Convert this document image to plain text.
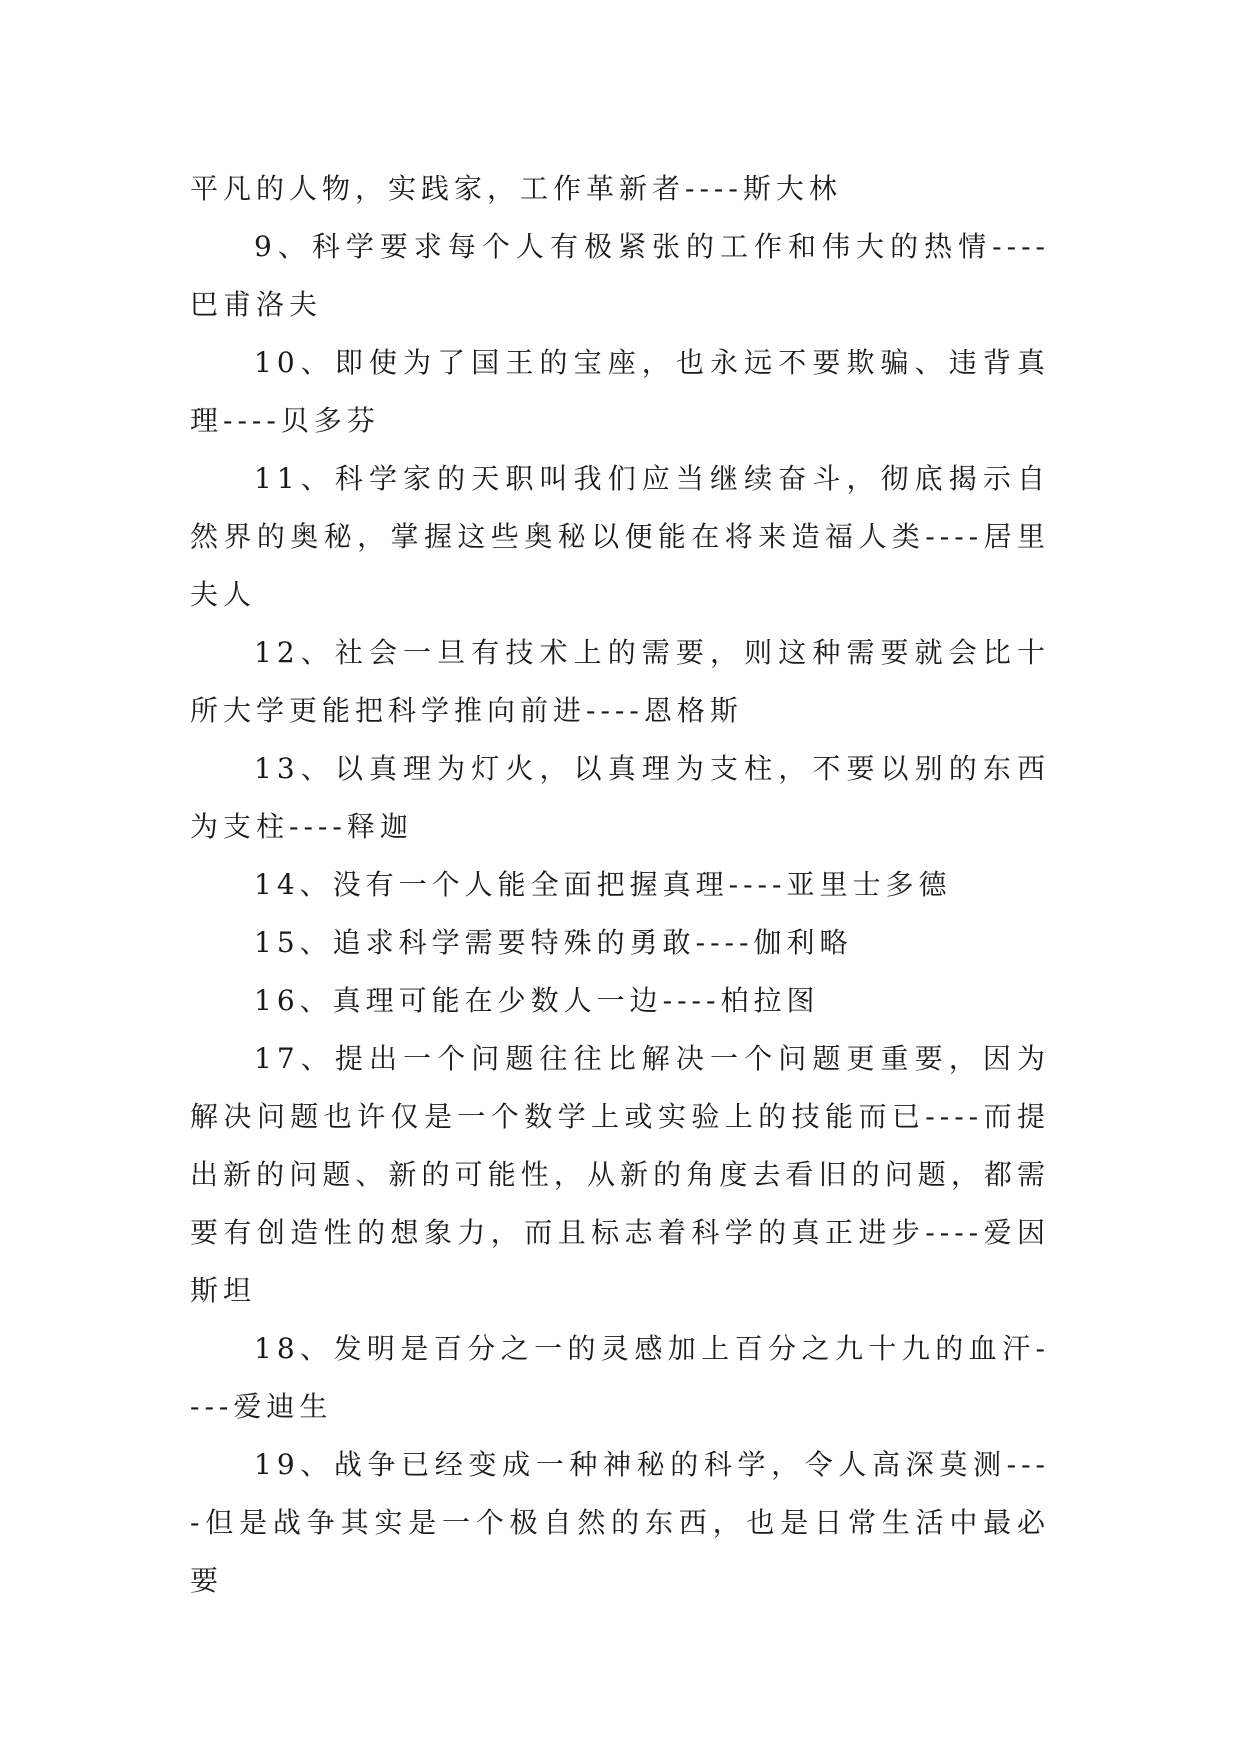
平凡的人物，实践家，工作革新者----斯大林

9、科学要求每个人有极紧张的工作和伟大的热情----巴甫洛夫

10、即使为了国王的宝座，也永远不要欺骗、违背真理----贝多芬

11、科学家的天职叫我们应当继续奋斗，彻底揭示自然界的奥秘，掌握这些奥秘以便能在将来造福人类----居里夫人

12、社会一旦有技术上的需要，则这种需要就会比十所大学更能把科学推向前进----恩格斯

13、以真理为灯火，以真理为支柱，不要以别的东西为支柱----释迦

14、没有一个人能全面把握真理----亚里士多德

15、追求科学需要特殊的勇敢----伽利略

16、真理可能在少数人一边----柏拉图

17、提出一个问题往往比解决一个问题更重要，因为解决问题也许仅是一个数学上或实验上的技能而已----而提出新的问题、新的可能性，从新的角度去看旧的问题，都需要有创造性的想象力，而且标志着科学的真正进步----爱因斯坦

18、发明是百分之一的灵感加上百分之九十九的血汗----爱迪生

19、战争已经变成一种神秘的科学，令人高深莫测----但是战争其实是一个极自然的东西，也是日常生活中最必要
